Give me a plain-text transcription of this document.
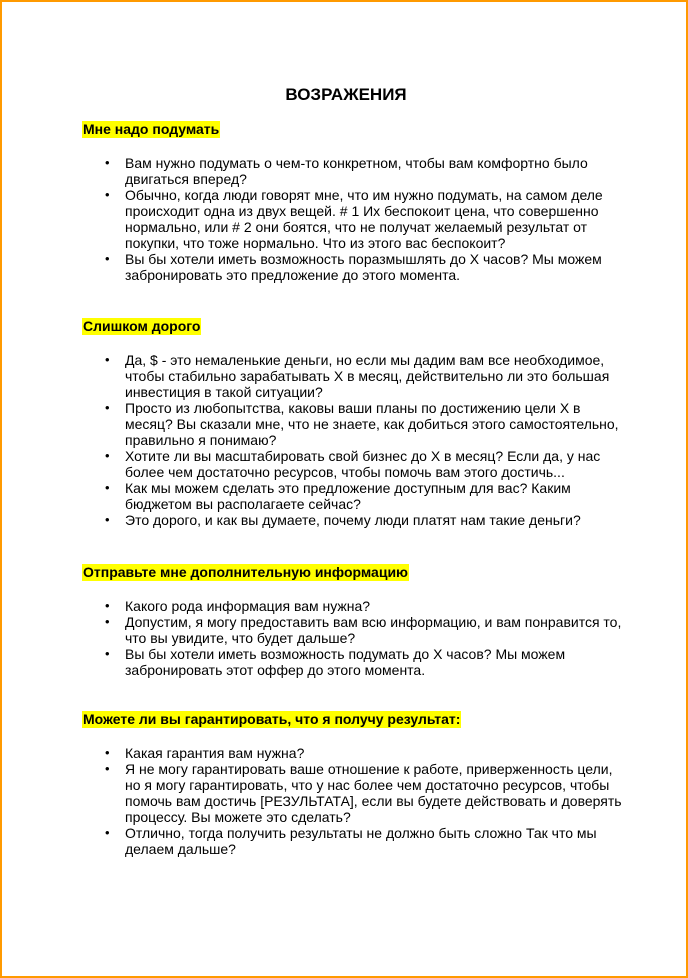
ВОЗРАЖЕНИЯ
Мне надо подумать
• Вам нужно подумать о чем-то конкретном, чтобы вам комфортно было двигаться вперед?
• Обычно, когда люди говорят мне, что им нужно подумать, на самом деле происходит одна из двух вещей. # 1 Их беспокоит цена, что совершенно нормально, или # 2 они боятся, что не получат желаемый результат от покупки, что тоже нормально. Что из этого вас беспокоит?
• Вы бы хотели иметь возможность поразмышлять до X часов? Мы можем забронировать это предложение до этого момента.
Слишком дорого
• Да, $ - это немаленькие деньги, но если мы дадим вам все необходимое, чтобы стабильно зарабатывать X в месяц, действительно ли это большая инвестиция в такой ситуации?
• Просто из любопытства, каковы ваши планы по достижению цели X в месяц? Вы сказали мне, что не знаете, как добиться этого самостоятельно, правильно я понимаю?
• Хотите ли вы масштабировать свой бизнес до X в месяц? Если да, у нас более чем достаточно ресурсов, чтобы помочь вам этого достичь...
• Как мы можем сделать это предложение доступным для вас? Каким бюджетом вы располагаете сейчас?
• Это дорого, и как вы думаете, почему люди платят нам такие деньги?
Отправьте мне дополнительную информацию
• Какого рода информация вам нужна?
• Допустим, я могу предоставить вам всю информацию, и вам понравится то, что вы увидите, что будет дальше?
• Вы бы хотели иметь возможность подумать до X часов? Мы можем забронировать этот оффер до этого момента.
Можете ли вы гарантировать, что я получу результат:
• Какая гарантия вам нужна?
• Я не могу гарантировать ваше отношение к работе, приверженность цели, но я могу гарантировать, что у нас более чем достаточно ресурсов, чтобы помочь вам достичь [РЕЗУЛЬТАТА], если вы будете действовать и доверять процессу. Вы можете это сделать?
• Отлично, тогда получить результаты не должно быть сложно Так что мы делаем дальше?
